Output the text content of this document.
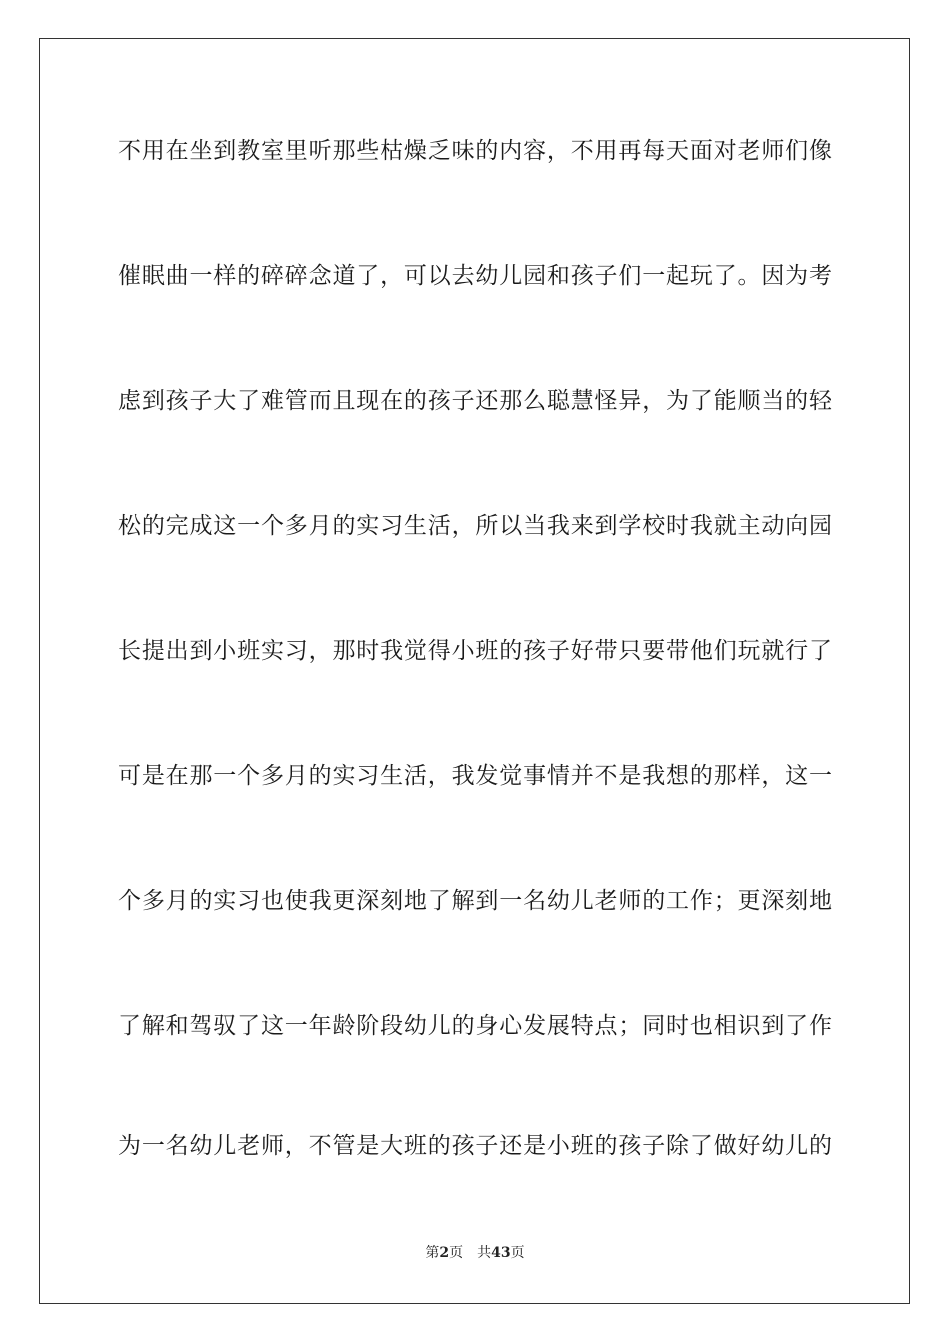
不用在坐到教室里听那些枯燥乏味的内容，不用再每天面对老师们像
催眠曲一样的碎碎念道了，可以去幼儿园和孩子们一起玩了。因为考
虑到孩子大了难管而且现在的孩子还那么聪慧怪异，为了能顺当的轻
松的完成这一个多月的实习生活，所以当我来到学校时我就主动向园
长提出到小班实习，那时我觉得小班的孩子好带只要带他们玩就行了
可是在那一个多月的实习生活，我发觉事情并不是我想的那样，这一
个多月的实习也使我更深刻地了解到一名幼儿老师的工作；更深刻地
了解和驾驭了这一年龄阶段幼儿的身心发展特点；同时也相识到了作
为一名幼儿老师，不管是大班的孩子还是小班的孩子除了做好幼儿的
第2页 共43页
